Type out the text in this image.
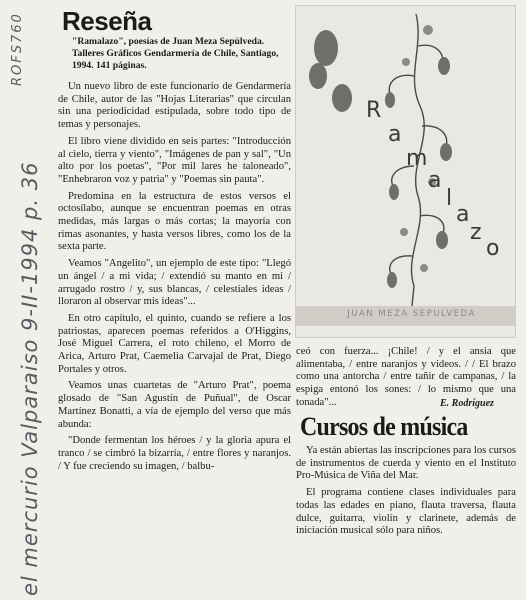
ROFS760
el mercurio Valparaiso 9-II-1994 p. 36
Reseña
"Ramalazo", poesías de Juan Meza Sepúlveda. Talleres Gráficos Gendarmería de Chile, Santiago, 1994. 141 páginas.

Un nuevo libro de este funcionario de Gendarmería de Chile, autor de las "Hojas Literarias" que circulan sin una periodicidad estipulada, sobre todo tipo de temas y personajes.

El libro viene dividido en seis partes: "Introducción al cielo, tierra y viento", "Imágenes de pan y sal", "Un alto por los poetas", "Por mil lares he taloneado", "Enhebraron voz y patria" y "Poemas sin pauta".

Predomina en la estructura de estos versos el octosílabo, aunque se encuentran poemas en otras medidas, más largas o más cortas; la mayoría con rimas asonantes, y hasta versos libres, como los de la sexta parte.

Veamos "Angelito", un ejemplo de este tipo: "Llegó un ángel / a mi vida; / extendió su manto en mi / arrugado rostro / y, sus blancas, / celestiales ideas / lloraron al observar mis ideas"...

En otro capítulo, el quinto, cuando se refiere a los patriostas, aparecen poemas referidos a O'Higgins, José Miguel Carrera, el roto chileno, el Morro de Arica, Arturo Prat, Caemelia Carvajal de Prat, Diego Portales y otros.

Veamos unas cuartetas de "Arturo Prat", poema glosado de "San Agustín de Puñual", de Oscar Martínez Bonatti, a vía de ejemplo del verso que más abunda:

"Donde fermentan los héroes / y la gloria apura el tranco / se cimbró la bizarría, / entre flores y naranjos. / Y fue creciendo su imagen, / balbu-

R
a
m
a
l
a
z
o
JUAN MEZA SEPULVEDA

ceó con fuerza... ¡Chile! / y el ansia que alimentaba, / entre naranjos y videos. / / El brazo como una antorcha / entre tañir de campanas, / la espiga entonó los sones: / lo mismo que una tonada"...	E. Rodríguez
Cursos de música

Ya están abiertas las inscripciones para los cursos de instrumentos de cuerda y viento en el Instituto Pro-Música de Viña del Mar.

El programa contiene clases individuales para todas las edades en piano, flauta traversa, flauta dulce, guitarra, violín y clarinete, además de iniciación musical sólo para niños.
